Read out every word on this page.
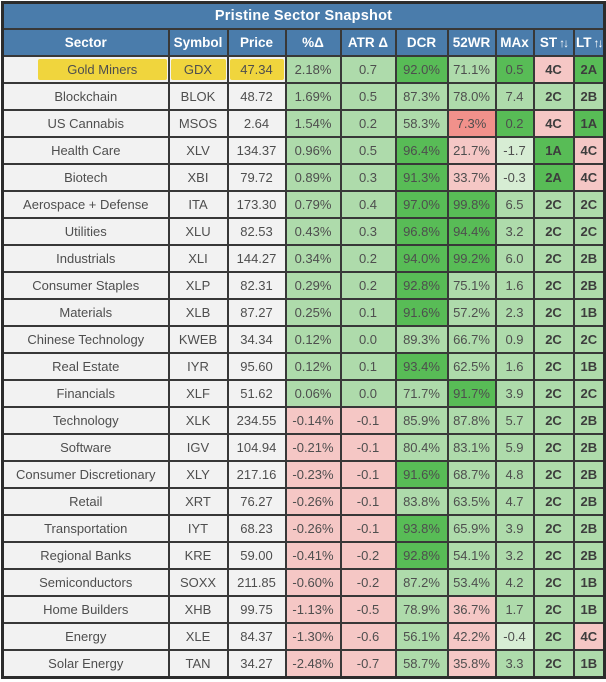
Pristine Sector Snapshot									
Sector	Symbol	Price	%Δ	ATR Δ	DCR	52WR	MAx	ST ↑↓	LT ↑↓

Gold Miners	GDX	47.34	2.18%	0.7	92.0%	71.1%	0.5	4C	2A

Blockchain	BLOK	48.72	1.69%	0.5	87.3%	78.0%	7.4	2C	2B

US Cannabis	MSOS	2.64	1.54%	0.2	58.3%	7.3%	0.2	4C	1A

Health Care	XLV	134.37	0.96%	0.5	96.4%	21.7%	-1.7	1A	4C

Biotech	XBI	79.72	0.89%	0.3	91.3%	33.7%	-0.3	2A	4C

Aerospace + Defense	ITA	173.30	0.79%	0.4	97.0%	99.8%	6.5	2C	2C

Utilities	XLU	82.53	0.43%	0.3	96.8%	94.4%	3.2	2C	2C

Industrials	XLI	144.27	0.34%	0.2	94.0%	99.2%	6.0	2C	2B

Consumer Staples	XLP	82.31	0.29%	0.2	92.8%	75.1%	1.6	2C	2B

Materials	XLB	87.27	0.25%	0.1	91.6%	57.2%	2.3	2C	1B

Chinese Technology	KWEB	34.34	0.12%	0.0	89.3%	66.7%	0.9	2C	2C

Real Estate	IYR	95.60	0.12%	0.1	93.4%	62.5%	1.6	2C	1B

Financials	XLF	51.62	0.06%	0.0	71.7%	91.7%	3.9	2C	2C

Technology	XLK	234.55	-0.14%	-0.1	85.9%	87.8%	5.7	2C	2B

Software	IGV	104.94	-0.21%	-0.1	80.4%	83.1%	5.9	2C	2B

Consumer Discretionary	XLY	217.16	-0.23%	-0.1	91.6%	68.7%	4.8	2C	2B

Retail	XRT	76.27	-0.26%	-0.1	83.8%	63.5%	4.7	2C	2B

Transportation	IYT	68.23	-0.26%	-0.1	93.8%	65.9%	3.9	2C	2B

Regional Banks	KRE	59.00	-0.41%	-0.2	92.8%	54.1%	3.2	2C	2B

Semiconductors	SOXX	211.85	-0.60%	-0.2	87.2%	53.4%	4.2	2C	1B

Home Builders	XHB	99.75	-1.13%	-0.5	78.9%	36.7%	1.7	2C	1B

Energy	XLE	84.37	-1.30%	-0.6	56.1%	42.2%	-0.4	2C	4C

Solar Energy	TAN	34.27	-2.48%	-0.7	58.7%	35.8%	3.3	2C	1B
